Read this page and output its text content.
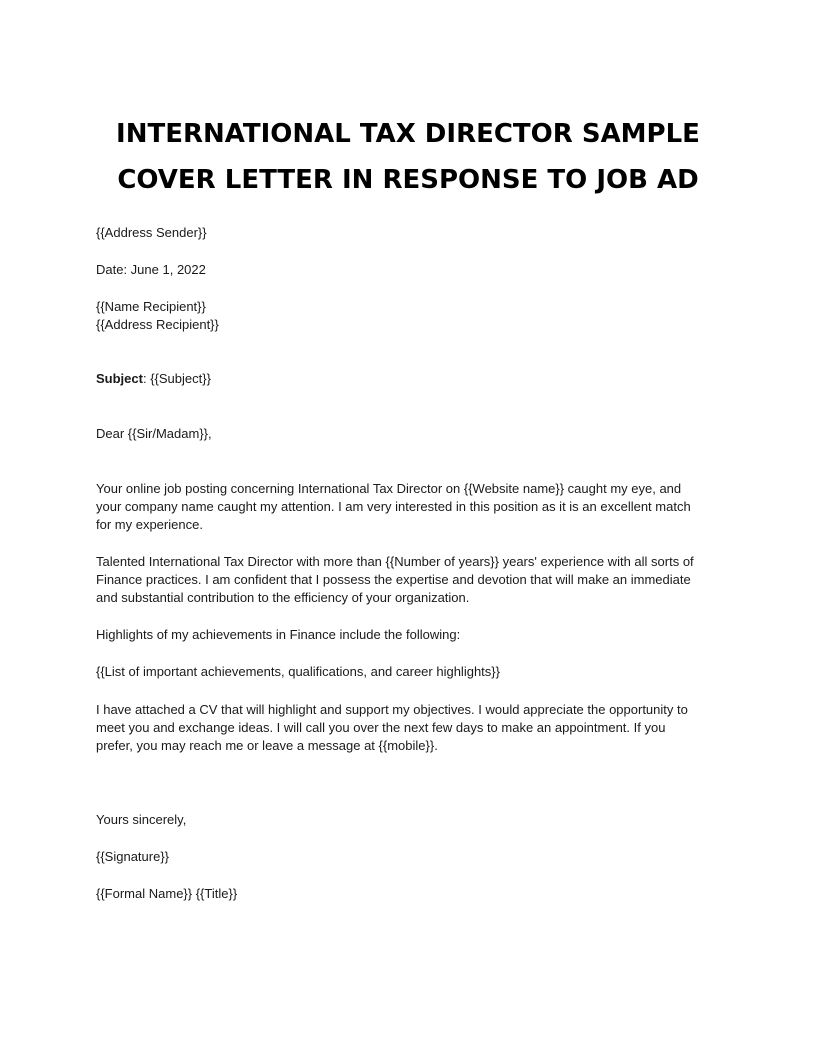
INTERNATIONAL TAX DIRECTOR SAMPLE
COVER LETTER IN RESPONSE TO JOB AD
{{Address Sender}}
Date: June 1, 2022
{{Name Recipient}}
{{Address Recipient}}
Subject: {{Subject}}
Dear {{Sir/Madam}},
Your online job posting concerning International Tax Director on {{Website name}} caught my eye, and
your company name caught my attention. I am very interested in this position as it is an excellent match
for my experience.
Talented International Tax Director with more than {{Number of years}} years' experience with all sorts of
Finance practices. I am confident that I possess the expertise and devotion that will make an immediate
and substantial contribution to the efficiency of your organization.
Highlights of my achievements in Finance include the following:
{{List of important achievements, qualifications, and career highlights}}
I have attached a CV that will highlight and support my objectives. I would appreciate the opportunity to
meet you and exchange ideas. I will call you over the next few days to make an appointment. If you
prefer, you may reach me or leave a message at {{mobile}}.
Yours sincerely,
{{Signature}}
{{Formal Name}} {{Title}}
